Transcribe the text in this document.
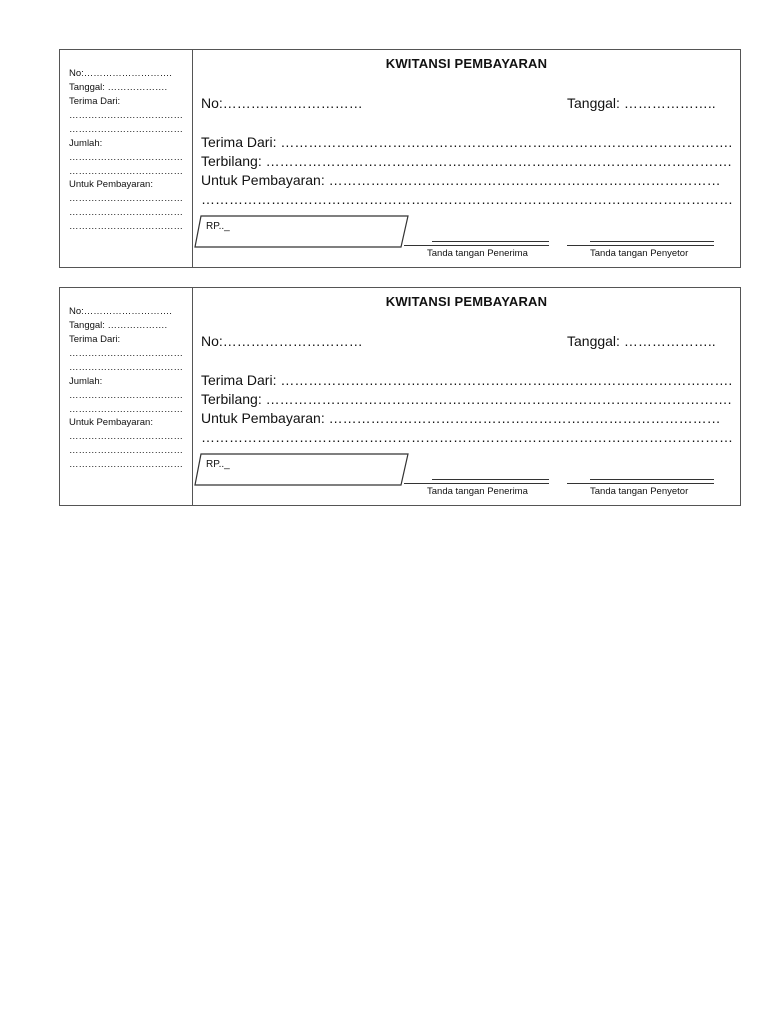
No:……………………….
Tanggal: ……………….
Terima Dari:
………………………………
………………………………
Jumlah:
………………………………
………………………………
Untuk Pembayaran:
………………………………
………………………………
………………………………
KWITANSI PEMBAYARAN
No:…………………………	Tanggal: ………………..
Terima Dari: …………………………………………………………………………………….
Terbilang: ……………………………………………………………………………………….
Untuk Pembayaran: …………………………………………………………………………
……………………………………………………………………………………………………
RP.._
Tanda tangan Penerima	Tanda tangan Penyetor
No:……………………….
Tanggal: ……………….
Terima Dari:
………………………………
………………………………
Jumlah:
………………………………
………………………………
Untuk Pembayaran:
………………………………
………………………………
………………………………
KWITANSI PEMBAYARAN
No:…………………………	Tanggal: ………………..
Terima Dari: …………………………………………………………………………………….
Terbilang: ……………………………………………………………………………………….
Untuk Pembayaran: …………………………………………………………………………
……………………………………………………………………………………………………
RP.._
Tanda tangan Penerima	Tanda tangan Penyetor
